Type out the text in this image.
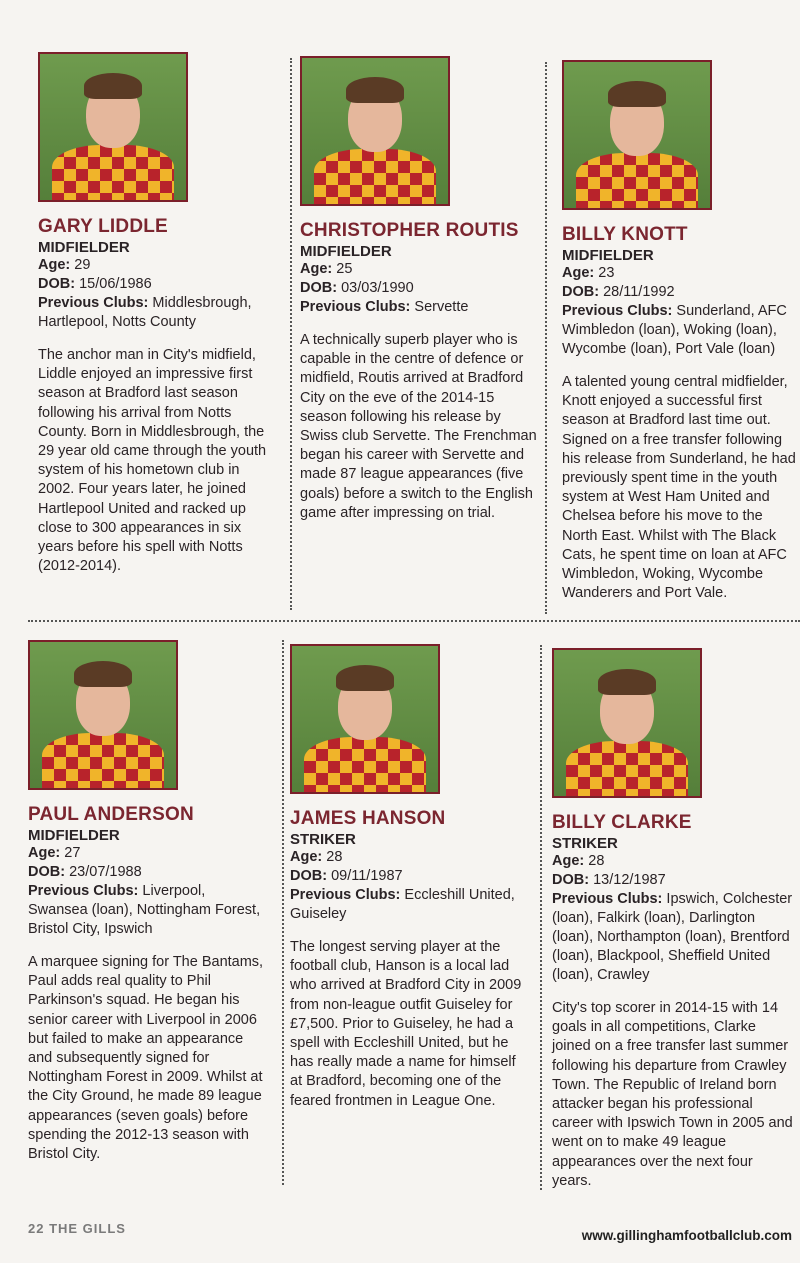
GARY LIDDLE
MIDFIELDER
Age: 29
DOB: 15/06/1986
Previous Clubs: Middlesbrough, Hartlepool, Notts County
The anchor man in City's midfield, Liddle enjoyed an impressive first season at Bradford last season following his arrival from Notts County. Born in Middlesbrough, the 29 year old came through the youth system of his hometown club in 2002. Four years later, he joined Hartlepool United and racked up close to 300 appearances in six years before his spell with Notts (2012-2014).
CHRISTOPHER ROUTIS
MIDFIELDER
Age: 25
DOB: 03/03/1990
Previous Clubs: Servette
A technically superb player who is capable in the centre of defence or midfield, Routis arrived at Bradford City on the eve of the 2014-15 season following his release by Swiss club Servette. The Frenchman began his career with Servette and made 87 league appearances (five goals) before a switch to the English game after impressing on trial.
BILLY KNOTT
MIDFIELDER
Age: 23
DOB: 28/11/1992
Previous Clubs: Sunderland, AFC Wimbledon (loan), Woking (loan), Wycombe (loan), Port Vale (loan)
A talented young central midfielder, Knott enjoyed a successful first season at Bradford last time out. Signed on a free transfer following his release from Sunderland, he had previously spent time in the youth system at West Ham United and Chelsea before his move to the North East. Whilst with The Black Cats, he spent time on loan at AFC Wimbledon, Woking, Wycombe Wanderers and Port Vale.
PAUL ANDERSON
MIDFIELDER
Age: 27
DOB: 23/07/1988
Previous Clubs: Liverpool, Swansea (loan), Nottingham Forest, Bristol City, Ipswich
A marquee signing for The Bantams, Paul adds real quality to Phil Parkinson's squad. He began his senior career with Liverpool in 2006 but failed to make an appearance and subsequently signed for Nottingham Forest in 2009. Whilst at the City Ground, he made 89 league appearances (seven goals) before spending the 2012-13 season with Bristol City.
JAMES HANSON
STRIKER
Age: 28
DOB: 09/11/1987
Previous Clubs: Eccleshill United, Guiseley
The longest serving player at the football club, Hanson is a local lad who arrived at Bradford City in 2009 from non-league outfit Guiseley for £7,500. Prior to Guiseley, he had a spell with Eccleshill United, but he has really made a name for himself at Bradford, becoming one of the feared frontmen in League One.
BILLY CLARKE
STRIKER
Age: 28
DOB: 13/12/1987
Previous Clubs: Ipswich, Colchester (loan), Falkirk (loan), Darlington (loan), Northampton (loan), Brentford (loan), Blackpool, Sheffield United (loan), Crawley
City's top scorer in 2014-15 with 14 goals in all competitions, Clarke joined on a free transfer last summer following his departure from Crawley Town. The Republic of Ireland born attacker began his professional career with Ipswich Town in 2005 and went on to make 49 league appearances over the next four years.
22 THE GILLS	www.gillinghamfootballclub.com
